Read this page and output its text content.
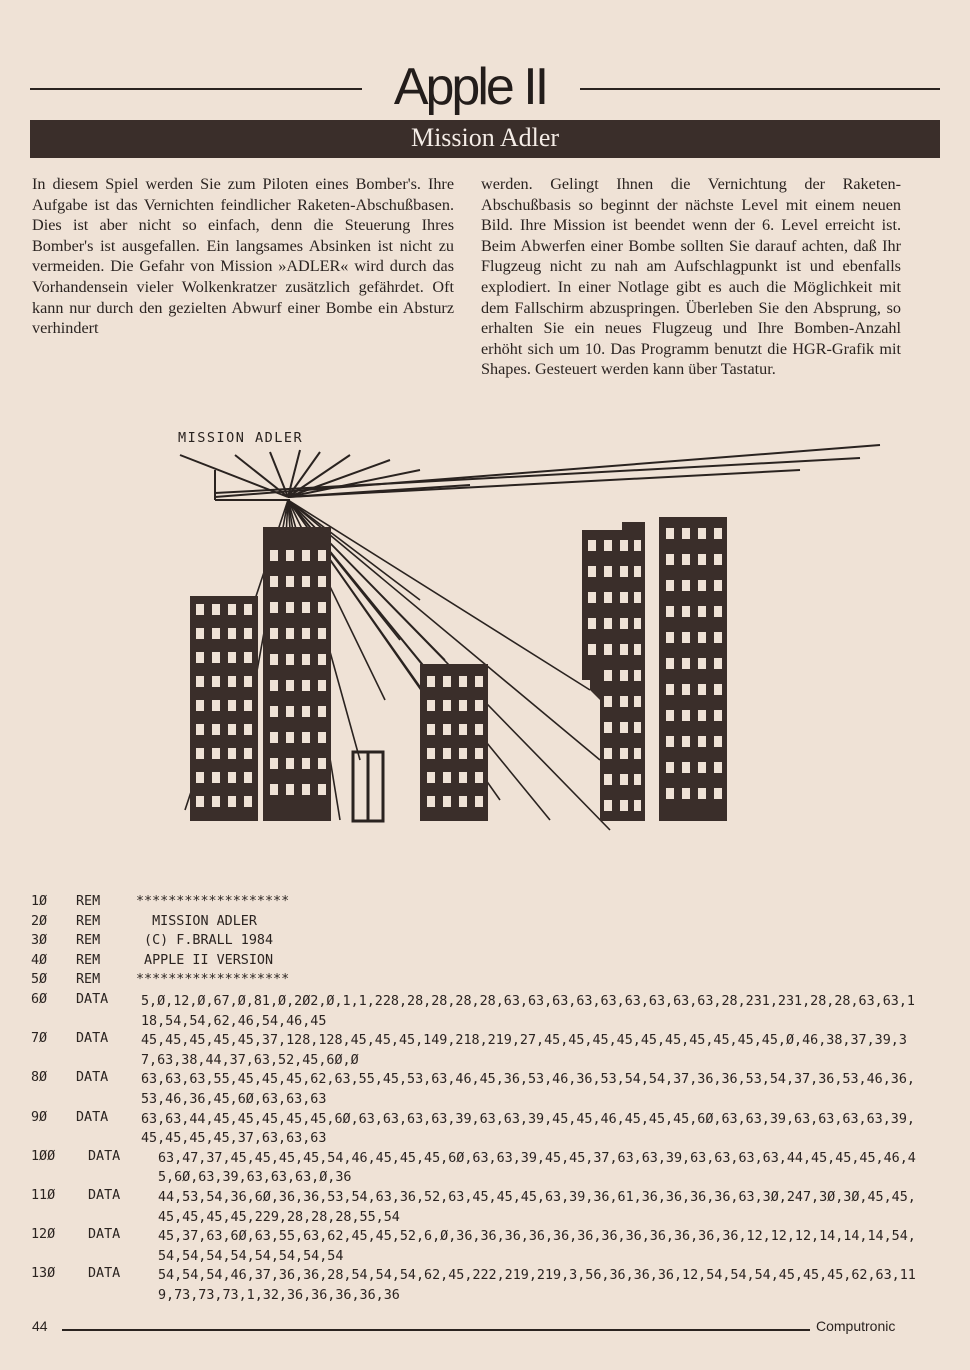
Apple II
Mission Adler

In diesem Spiel werden Sie zum Piloten eines Bomber's. Ihre Aufgabe ist das Vernichten feindlicher Raketen-Abschußbasen. Dies ist aber nicht so einfach, denn die Steuerung Ihres Bomber's ist ausgefallen. Ein langsames Absinken ist nicht zu vermeiden. Die Gefahr von Mission »ADLER« wird durch das Vorhandensein vieler Wolkenkratzer zusätzlich gefährdet. Oft kann nur durch den gezielten Abwurf einer Bombe ein Absturz verhindert

werden. Gelingt Ihnen die Vernichtung der Raketen-Abschußbasis so beginnt der nächste Level mit einem neuen Bild. Ihre Mission ist beendet wenn der 6. Level erreicht ist. Beim Abwerfen einer Bombe sollten Sie darauf achten, daß Ihr Flugzeug nicht zu nah am Aufschlagpunkt ist und ebenfalls explodiert. In einer Notlage gibt es auch die Möglichkeit mit dem Fallschirm abzuspringen. Überleben Sie den Absprung, so erhalten Sie ein neues Flugzeug und Ihre Bomben-Anzahl erhöht sich um 10. Das Programm benutzt die HGR-Grafik mit Shapes. Gesteuert werden kann über Tastatur.

MISSION ADLER
1Ø REM	*******************
2Ø REM	MISSION ADLER
3Ø REM	(C) F.BRALL 1984
4Ø REM	APPLE II VERSION
5Ø REM	*******************
6Ø DATA 5,Ø,12,Ø,67,Ø,81,Ø,2Ø2,Ø,1,1,228,28,28,28,28,63,63,63,63,63,63,63,63,63,28,231,231,28,28,63,63,118,54,54,62,46,54,46,45
7Ø DATA 45,45,45,45,45,37,128,128,45,45,45,149,218,219,27,45,45,45,45,45,45,45,45,45,45,Ø,46,38,37,39,37,63,38,44,37,63,52,45,6Ø,Ø
8Ø DATA 63,63,63,55,45,45,45,62,63,55,45,53,63,46,45,36,53,46,36,53,54,54,37,36,36,53,54,37,36,53,46,36,53,46,36,45,6Ø,63,63,63
9Ø DATA 63,63,44,45,45,45,45,45,6Ø,63,63,63,63,39,63,63,39,45,45,46,45,45,45,6Ø,63,63,39,63,63,63,63,39,45,45,45,45,37,63,63,63
1ØØ DATA	63,47,37,45,45,45,45,54,46,45,45,45,6Ø,63,63,39,45,45,37,63,63,39,63,63,63,63,44,45,45,45,46,45,6Ø,63,39,63,63,63,Ø,36
11Ø DATA	44,53,54,36,6Ø,36,36,53,54,63,36,52,63,45,45,45,63,39,36,61,36,36,36,36,63,3Ø,247,3Ø,3Ø,45,45,45,45,45,45,229,28,28,28,55,54
12Ø DATA	45,37,63,6Ø,63,55,63,62,45,45,52,6,Ø,36,36,36,36,36,36,36,36,36,36,36,36,12,12,12,14,14,14,54,54,54,54,54,54,54,54,54
13Ø DATA	54,54,54,46,37,36,36,28,54,54,54,62,45,222,219,219,3,56,36,36,36,12,54,54,54,45,45,45,62,63,119,73,73,73,1,32,36,36,36,36,36
44	Computronic
